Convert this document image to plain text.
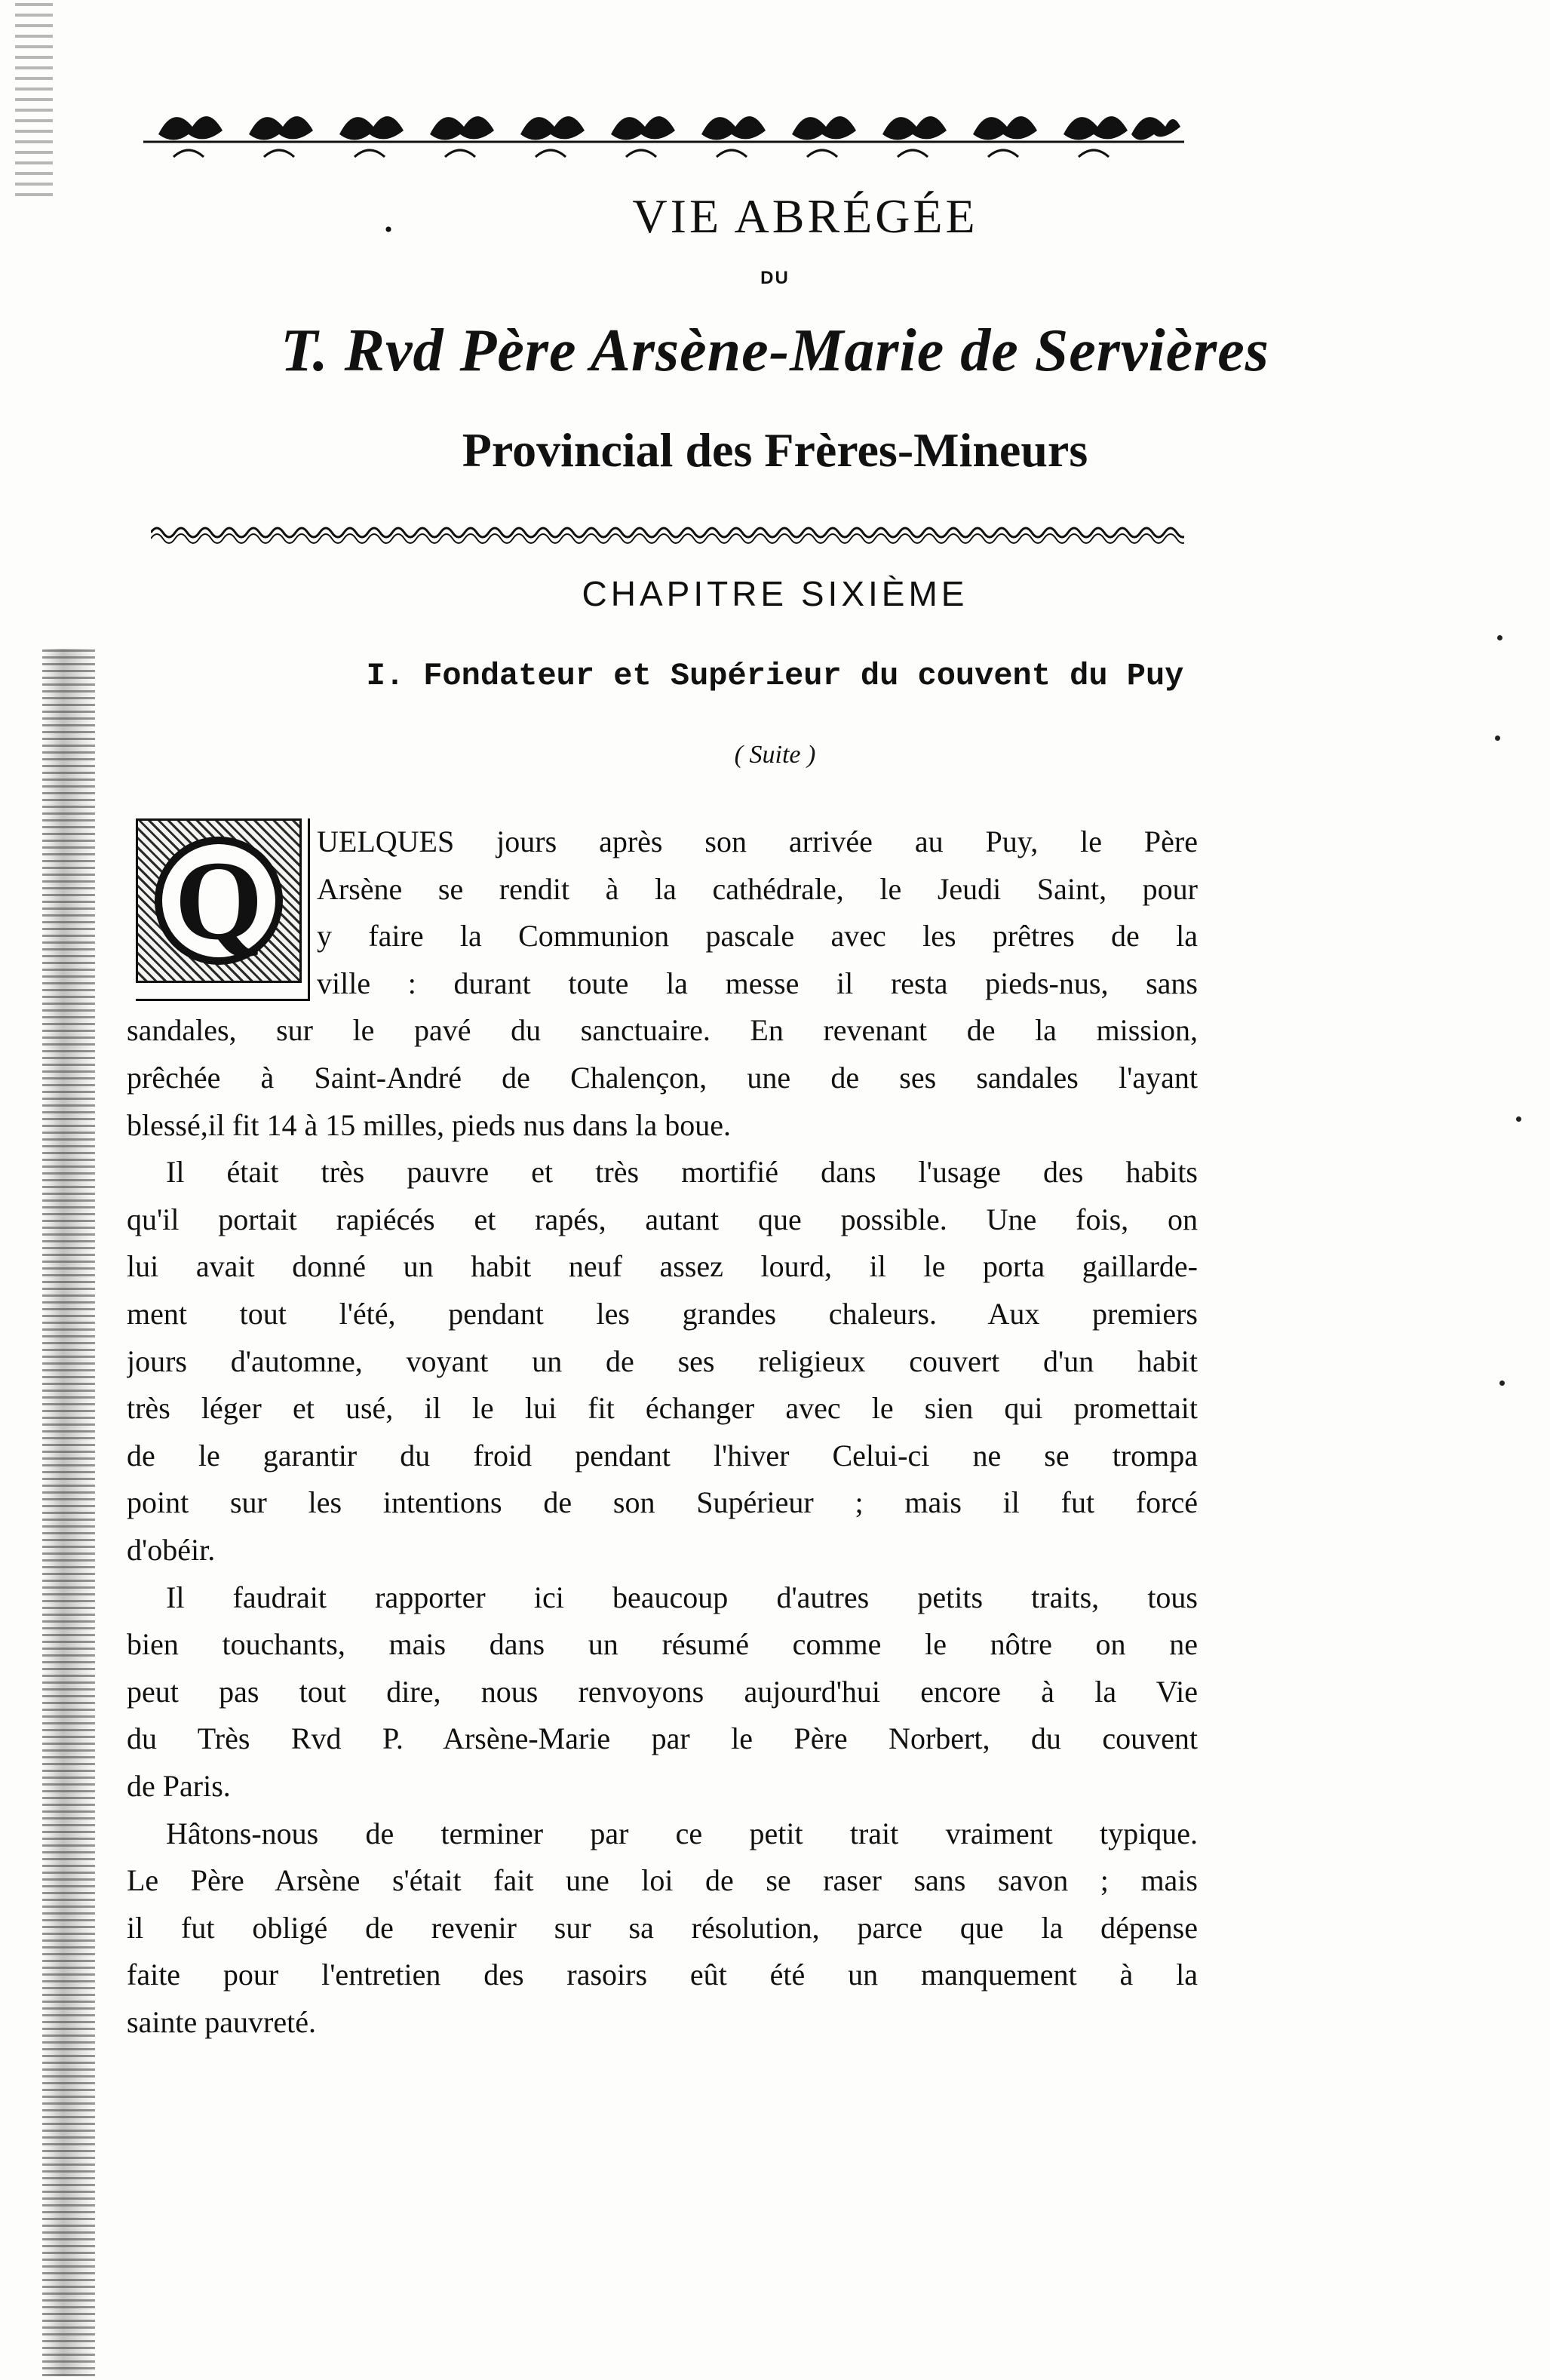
VIE ABRÉGÉE
·
DU
T. Rvd Père Arsène-Marie de Servières
Provincial des Frères-Mineurs
CHAPITRE SIXIÈME
I. Fondateur et Supérieur du couvent du Puy
( Suite )
Q UELQUES jours après son arrivée au Puy, le Père
Arsène se rendit à la cathédrale, le Jeudi Saint, pour
y faire la Communion pascale avec les prêtres de la
ville : durant toute la messe il resta pieds-nus, sans
sandales, sur le pavé du sanctuaire. En revenant de la mission,
prêchée à Saint-André de Chalençon, une de ses sandales l'ayant
blessé,il fit 14 à 15 milles, pieds nus dans la boue.
Il était très pauvre et très mortifié dans l'usage des habits
qu'il portait rapiécés et rapés, autant que possible. Une fois, on
lui avait donné un habit neuf assez lourd, il le porta gaillarde-
ment tout l'été, pendant les grandes chaleurs. Aux premiers
jours d'automne, voyant un de ses religieux couvert d'un habit
très léger et usé, il le lui fit échanger avec le sien qui promettait
de le garantir du froid pendant l'hiver Celui-ci ne se trompa
point sur les intentions de son Supérieur ; mais il fut forcé
d'obéir.
Il faudrait rapporter ici beaucoup d'autres petits traits, tous
bien touchants, mais dans un résumé comme le nôtre on ne
peut pas tout dire, nous renvoyons aujourd'hui encore à la Vie
du Très Rvd P. Arsène-Marie par le Père Norbert, du couvent
de Paris.
Hâtons-nous de terminer par ce petit trait vraiment typique.
Le Père Arsène s'était fait une loi de se raser sans savon ; mais
il fut obligé de revenir sur sa résolution, parce que la dépense
faite pour l'entretien des rasoirs eût été un manquement à la
sainte pauvreté.
